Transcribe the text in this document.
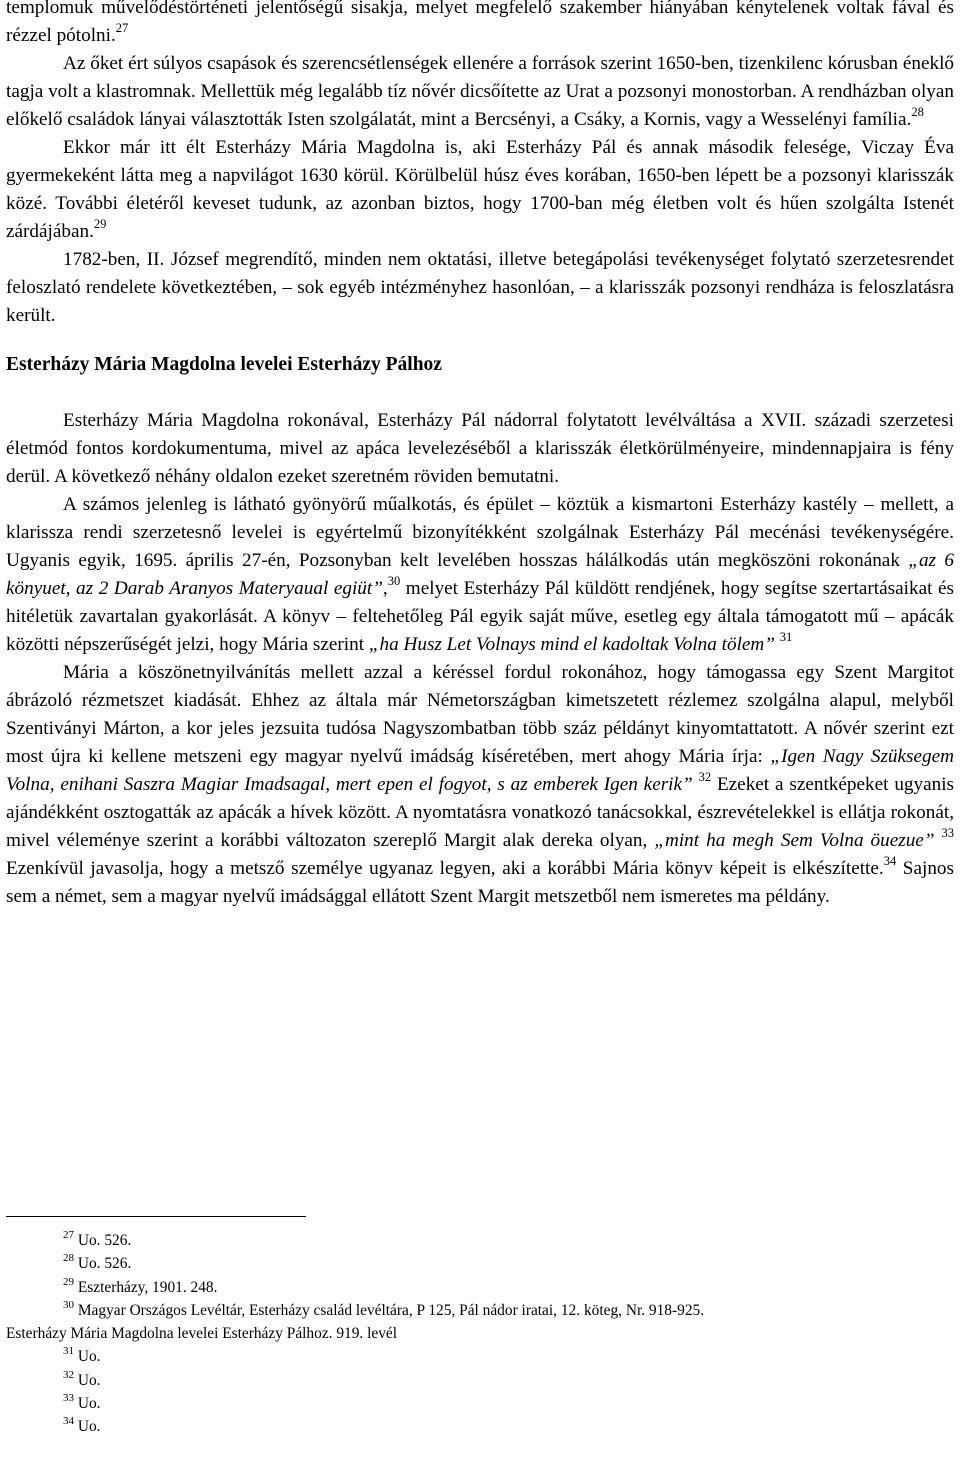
templomuk művelődéstörténeti jelentőségű sisakja, melyet megfelelő szakember hiányában kénytelenek voltak fával és rézzel pótolni.$^{27}$

Az őket ért súlyos csapások és szerencsétlenségek ellenére a források szerint 1650-ben, tizenkilenc kórusban éneklő tagja volt a klastromnak. Mellettük még legalább tíz nővér dicsőítette az Urat a pozsonyi monostorban. A rendházban olyan előkelő családok lányai választották Isten szolgálatát, mint a Bercsényi, a Csáky, a Kornis, vagy a Wesselényi família.$^{28}$

Ekkor már itt élt Esterházy Mária Magdolna is, aki Esterházy Pál és annak második felesége, Viczay Éva gyermekeként látta meg a napvilágot 1630 körül. Körülbelül húsz éves korában, 1650-ben lépett be a pozsonyi klarisszák közé. További életéről keveset tudunk, az azonban biztos, hogy 1700-ban még életben volt és hűen szolgálta Istenét zárdájában.$^{29}$

1782-ben, II. József megrendítő, minden nem oktatási, illetve betegápolási tevékenységet folytató szerzetesrendet feloszlató rendelete következtében, – sok egyéb intézményhez hasonlóan, – a klarisszák pozsonyi rendháza is feloszlatásra került.

Esterházy Mária Magdolna levelei Esterházy Pálhoz

Esterházy Mária Magdolna rokonával, Esterházy Pál nádorral folytatott levélváltása a XVII. századi szerzetesi életmód fontos kordokumentuma, mivel az apáca levelezéséből a klarisszák életkörülményeire, mindennapjaira is fény derül. A következő néhány oldalon ezeket szeretném röviden bemutatni.

A számos jelenleg is látható gyönyörű műalkotás, és épület – köztük a kismartoni Esterházy kastély – mellett, a klarissza rendi szerzetesnő levelei is egyértelmű bizonyítékként szolgálnak Esterházy Pál mecénási tevékenységére. Ugyanis egyik, 1695. április 27-én, Pozsonyban kelt levelében hosszas hálálkodás után megköszöni rokonának „az 6 könyuet, az 2 Darab Aranyos Materyaual egiüt”,$^{30}$ melyet Esterházy Pál küldött rendjének, hogy segítse szertartásaikat és hitéletük zavartalan gyakorlását. A könyv – feltehetőleg Pál egyik saját műve, esetleg egy általa támogatott mű – apácák közötti népszerűségét jelzi, hogy Mária szerint „ha Husz Let Volnays mind el kadoltak Volna tölem” $^{31}$

Mária a köszönetnyilvánítás mellett azzal a kéréssel fordul rokonához, hogy támogassa egy Szent Margitot ábrázoló rézmetszet kiadását. Ehhez az általa már Németországban kimetszetett rézlemez szolgálna alapul, melyből Szentiványi Márton, a kor jeles jezsuita tudósa Nagyszombatban több száz példányt kinyomtattatott. A nővér szerint ezt most újra ki kellene metszeni egy magyar nyelvű imádság kíséretében, mert ahogy Mária írja: „Igen Nagy Szüksegem Volna, enihani Saszra Magiar Imadsagal, mert epen el fogyot, s az emberek Igen kerik” $^{32}$ Ezeket a szentképeket ugyanis ajándékként osztogatták az apácák a hívek között. A nyomtatásra vonatkozó tanácsokkal, észrevételekkel is ellátja rokonát, mivel véleménye szerint a korábbi változaton szereplő Margit alak dereka olyan, „mint ha megh Sem Volna öuezue” $^{33}$ Ezenkívül javasolja, hogy a metsző személye ugyanaz legyen, aki a korábbi Mária könyv képeit is elkészítette.$^{34}$ Sajnos sem a német, sem a magyar nyelvű imádsággal ellátott Szent Margit metszetből nem ismeretes ma példány.

$^{27}$ Uo. 526.

$^{28}$ Uo. 526.

$^{29}$ Eszterházy, 1901. 248.

$^{30}$ Magyar Országos Levéltár, Esterházy család levéltára, P 125, Pál nádor iratai, 12. köteg, Nr. 918-925.

Esterházy Mária Magdolna levelei Esterházy Pálhoz. 919. levél

$^{31}$ Uo.

$^{32}$ Uo.

$^{33}$ Uo.

$^{34}$ Uo.
